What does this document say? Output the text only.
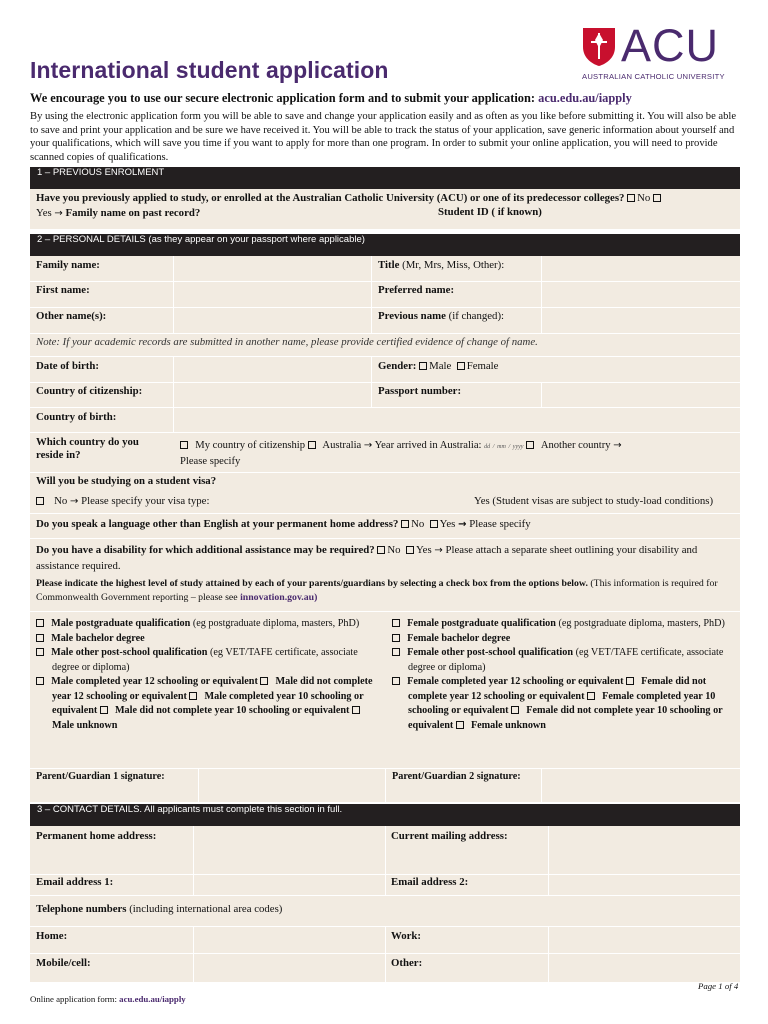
International student application	ACU
AUSTRALIAN CATHOLIC UNIVERSITY
We encourage you to use our secure electronic application form and to submit your application: acu.edu.au/iapply
By using the electronic application form you will be able to save and change your application easily and as often as you like before submitting it. You will also be able to save and print your application and be sure we have received it. You will be able to track the status of your application, save generic information about yourself and your qualifications, which will save you time if you want to apply for more than one program. In order to submit your online application, you will need to provide scanned copies of qualifications.
1 – PREVIOUS ENROLMENT
Have you previously applied to study, or enrolled at the Australian Catholic University (ACU) or one of its predecessor colleges? No
Yes → Family name on past record?	Student ID ( if known)
2 – PERSONAL DETAILS (as they appear on your passport where applicable)
Family name:	Title (Mr, Mrs, Miss, Other):
First name:	Preferred name:
Other name(s):	Previous name (if changed):
Note: If your academic records are submitted in another name, please provide certified evidence of change of name.
Date of birth:	Gender: Male Female
Country of citizenship:	Passport number:
Country of birth:
Which country do you reside in?
My country of citizenship Australia → Year arrived in Australia: dd / mm / yyyy Another country →
Please specify
Will you be studying on a student visa?
No → Please specify your visa type:	Yes (Student visas are subject to study-load conditions)
Do you speak a language other than English at your permanent home address? No Yes → Please specify
Do you have a disability for which additional assistance may be required? No Yes → Please attach a separate sheet outlining your disability and assistance required.
Please indicate the highest level of study attained by each of your parents/guardians by selecting a check box from the options below. (This information is required for Commonwealth Government reporting – please see innovation.gov.au)
Male postgraduate qualification (eg postgraduate diploma, masters, PhD)
Male bachelor degree
Male other post-school qualification (eg VET/TAFE certificate, associate degree or diploma)
Male completed year 12 schooling or equivalent Male did not complete year 12 schooling or equivalent Male completed year 10 schooling or equivalent Male did not complete year 10 schooling or equivalent   Male unknown
Female postgraduate qualification (eg postgraduate diploma, masters, PhD)
Female bachelor degree
Female other post-school qualification (eg VET/TAFE certificate, associate degree or diploma)
Female completed year 12 schooling or equivalent Female did not complete year 12 schooling or equivalent Female completed year 10 schooling or equivalent Female did not complete year 10 schooling or equivalent Female unknown
Parent/Guardian 1 signature:	Parent/Guardian 2 signature:
3 – CONTACT DETAILS. All applicants must complete this section in full.
Permanent home address:	Current mailing address:
Email address 1:	Email address 2:
Telephone numbers (including international area codes)
Home:	Work:
Mobile/cell:	Other:
Page 1 of 4
Online application form: acu.edu.au/iapply
